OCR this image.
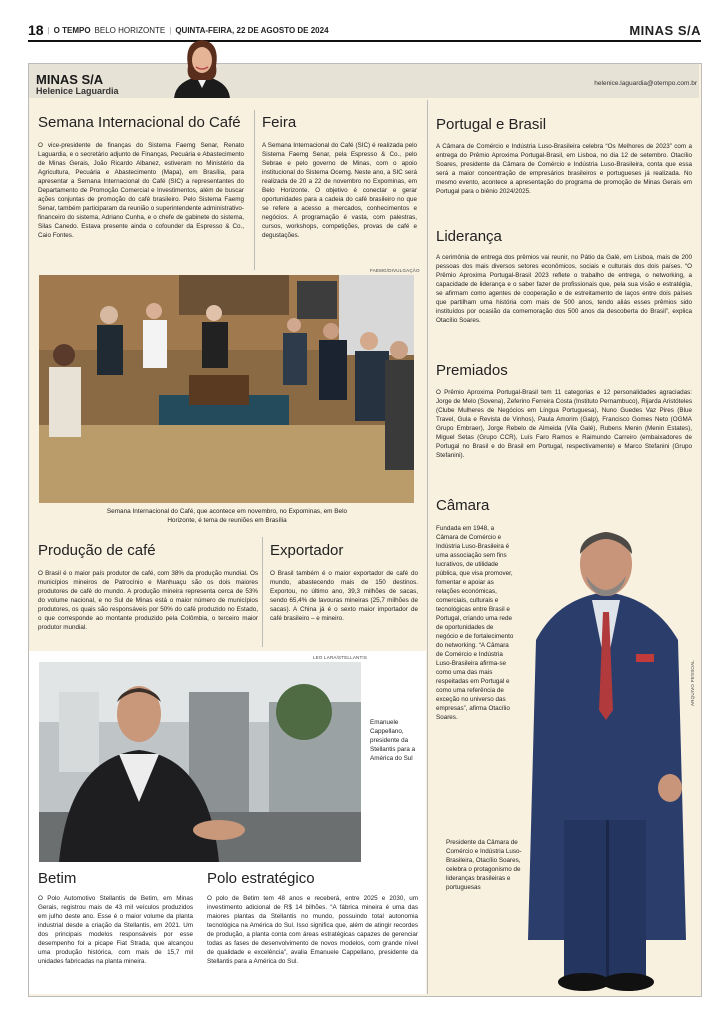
18 | O TEMPO BELO HORIZONTE | QUINTA-FEIRA, 22 DE AGOSTO DE 2024	MINAS S/A
MINAS S/A
Helenice Laguardia
helenice.laguardia@otempo.com.br
Semana Internacional do Café
O vice-presidente de finanças do Sistema Faemg Senar, Renato Laguardia, e o secretário adjunto de Finanças, Pecuária e Abastecimento de Minas Gerais, João Ricardo Albanez, estiveram no Ministério da Agricultura, Pecuária e Abastecimento (Mapa), em Brasília, para apresentar a Semana Internacional do Café (SIC) a representantes do Departamento de Promoção Comercial e Investimentos, além de buscar ações conjuntas de promoção do café brasileiro. Pelo Sistema Faemg Senar, também participaram da reunião o superintendente administrativo-financeiro do sistema, Adriano Cunha, e o chefe de gabinete do sistema, Silas Canedo. Estava presente ainda o cofounder da Espresso & Co., Caio Fontes.
Feira
A Semana Internacional do Café (SIC) é realizada pelo Sistema Faemg Senar, pela Espresso & Co., pelo Sebrae e pelo governo de Minas, com o apoio institucional do Sistema Ocemg. Neste ano, a SIC será realizada de 20 a 22 de novembro no Expominas, em Belo Horizonte. O objetivo é conectar e gerar oportunidades para a cadeia do café brasileiro no que se refere a acesso a mercados, conhecimentos e negócios. A programação é vasta, com palestras, cursos, workshops, competições, provas de café e degustações.
FAEMG/DIVULGAÇÃO
Semana Internacional do Café, que acontece em novembro, no Expominas, em Belo Horizonte, é tema de reuniões em Brasília
Produção de café
O Brasil é o maior país produtor de café, com 38% da produção mundial. Os municípios mineiros de Patrocínio e Manhuaçu são os dois maiores produtores de café do mundo. A produção mineira representa cerca de 53% do volume nacional, e no Sul de Minas está o maior número de municípios produtores, os quais são responsáveis por 50% do café produzido no Estado, o que corresponde ao montante produzido pela Colômbia, o terceiro maior produtor mundial.
Exportador
O Brasil também é o maior exportador de café do mundo, abastecendo mais de 150 destinos. Exportou, no último ano, 39,3 milhões de sacas, sendo 65,4% de lavouras mineiras (25,7 milhões de sacas). A China já é o sexto maior importador de café brasileiro – e mineiro.
LEO LARA/STELLANTIS
Emanuele Cappellano, presidente da Stellantis para a América do Sul
Betim
O Polo Automotivo Stellantis de Betim, em Minas Gerais, registrou mais de 43 mil veículos produzidos em julho deste ano. Esse é o maior volume da planta industrial desde a criação da Stellantis, em 2021. Um dos principais modelos responsáveis por esse desempenho foi a picape Fiat Strada, que alcançou uma produção histórica, com mais de 15,7 mil unidades fabricadas na planta mineira.
Polo estratégico
O polo de Betim tem 48 anos e receberá, entre 2025 e 2030, um investimento adicional de R$ 14 bilhões. “A fábrica mineira é uma das maiores plantas da Stellantis no mundo, possuindo total autonomia tecnológica na América do Sul. Isso significa que, além de atingir recordes de produção, a planta conta com áreas estratégicas capazes de gerenciar todas as fases de desenvolvimento de novos modelos, com grande nível de qualidade e excelência”, avalia Emanuele Cappellano, presidente da Stellantis para a América do Sul.
Portugal e Brasil
A Câmara de Comércio e Indústria Luso-Brasileira celebra “Os Melhores de 2023” com a entrega do Prêmio Aproxima Portugal-Brasil, em Lisboa, no dia 12 de setembro. Otacílio Soares, presidente da Câmara de Comércio e Indústria Luso-Brasileira, conta que essa será a maior concentração de empresários brasileiros e portugueses já realizada. No mesmo evento, acontece a apresentação do programa de promoção de Minas Gerais em Portugal para o biênio 2024/2025.
Liderança
A cerimônia de entrega dos prêmios vai reunir, no Pátio da Galé, em Lisboa, mais de 200 pessoas dos mais diversos setores econômicos, sociais e culturais dos dois países. “O Prêmio Aproxima Portugal-Brasil 2023 reflete o trabalho de entrega, o networking, a capacidade de liderança e o saber fazer de profissionais que, pela sua visão e estratégia, se afirmam como agentes de cooperação e de estreitamento de laços entre dois países que partilham uma história com mais de 500 anos, tendo aliás esses prêmios sido instituídos por ocasião da comemoração dos 500 anos da descoberta do Brasil”, explica Otacílio Soares.
Premiados
O Prêmio Aproxima Portugal-Brasil tem 11 categorias e 12 personalidades agraciadas: Jorge de Melo (Sovena), Zeferino Ferreira Costa (Instituto Pernambuco), Rijarda Aristóteles (Clube Mulheres de Negócios em Língua Portuguesa), Nuno Guedes Vaz Pires (Blue Travel, Gula e Revista de Vinhos), Paula Amorim (Galp), Francisco Gomes Neto (OGMA Grupo Embraer), Jorge Rebelo de Almeida (Vila Galé), Rubens Menin (Menin Estates), Miguel Setas (Grupo CCR), Luís Faro Ramos e Raimundo Carreiro (embaixadores de Portugal no Brasil e do Brasil em Portugal, respectivamente) e Marco Stefanini (Grupo Stefanini).
Câmara
Fundada em 1948, a Câmara de Comércio e Indústria Luso-Brasileira é uma associação sem fins lucrativos, de utilidade pública, que visa promover, fomentar e apoiar as relações económicas, comerciais, culturais e tecnológicas entre Brasil e Portugal, criando uma rede de oportunidades de negócio e de fortalecimento do networking. “A Câmara de Comércio e Indústria Luso-Brasileira afirma-se como uma das mais respeitadas em Portugal e como uma referência de exceção no universo das empresas”, afirma Otacílio Soares.
ARQUIVO PESSOAL
Presidente da Câmara de Comércio e Indústria Luso-Brasileira, Otacílio Soares, celebra o protagonismo de lideranças brasileiras e portuguesas
